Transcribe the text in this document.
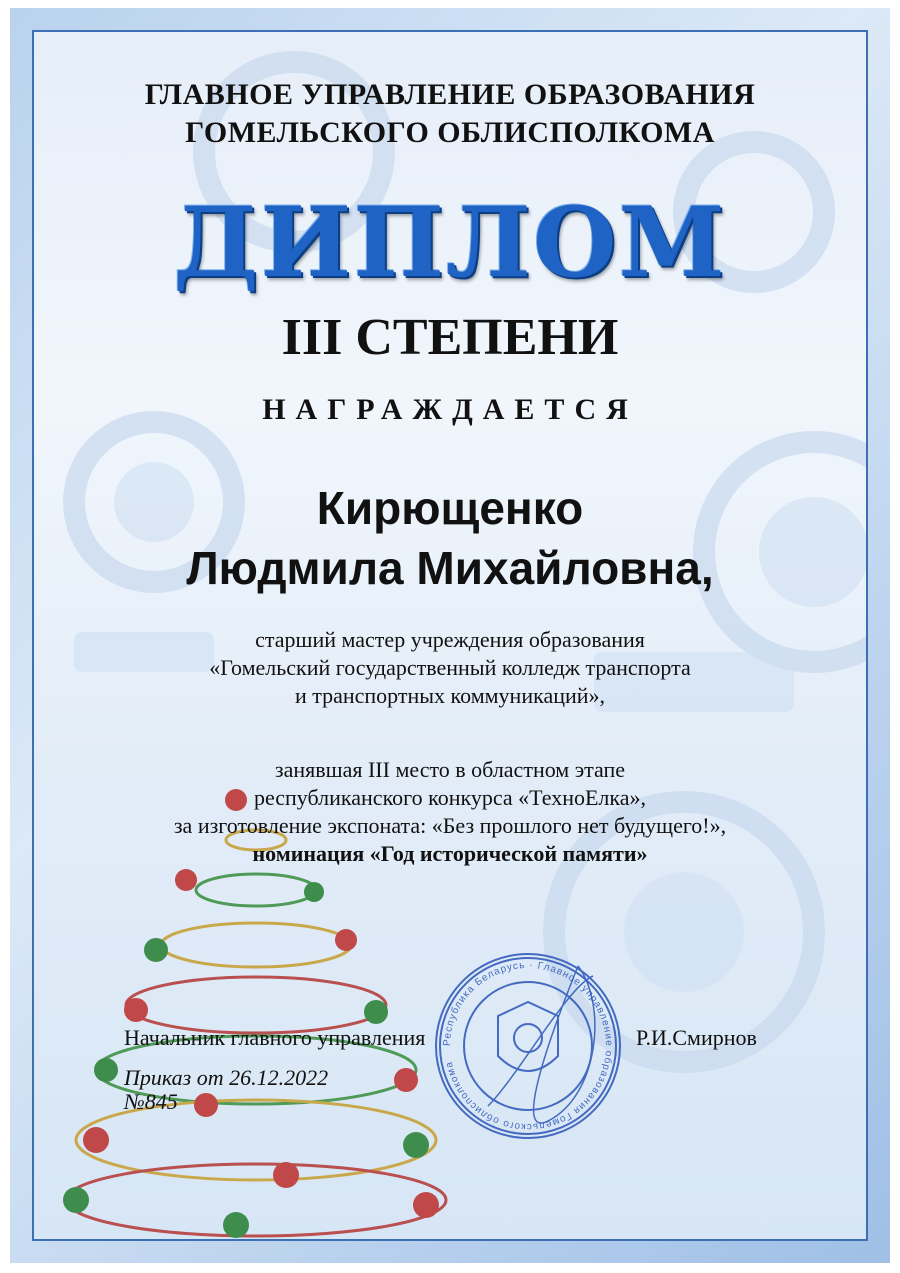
ГЛАВНОЕ УПРАВЛЕНИЕ ОБРАЗОВАНИЯ
ГОМЕЛЬСКОГО ОБЛИСПОЛКОМА
ДИПЛОМ
III СТЕПЕНИ
НАГРАЖДАЕТСЯ
Кирющенко
Людмила Михайловна,
старший мастер учреждения образования
«Гомельский государственный колледж транспорта
и транспортных коммуникаций»,
занявшая III место в областном этапе
республиканского конкурса «ТехноЕлка»,
за изготовление экспоната: «Без прошлого нет будущего!»,
номинация «Год исторической памяти»
Республика Беларусь · Главное управление образования Гомельского облисполкома
Начальник главного управления	Р.И.Смирнов
Приказ от 26.12.2022
№845
